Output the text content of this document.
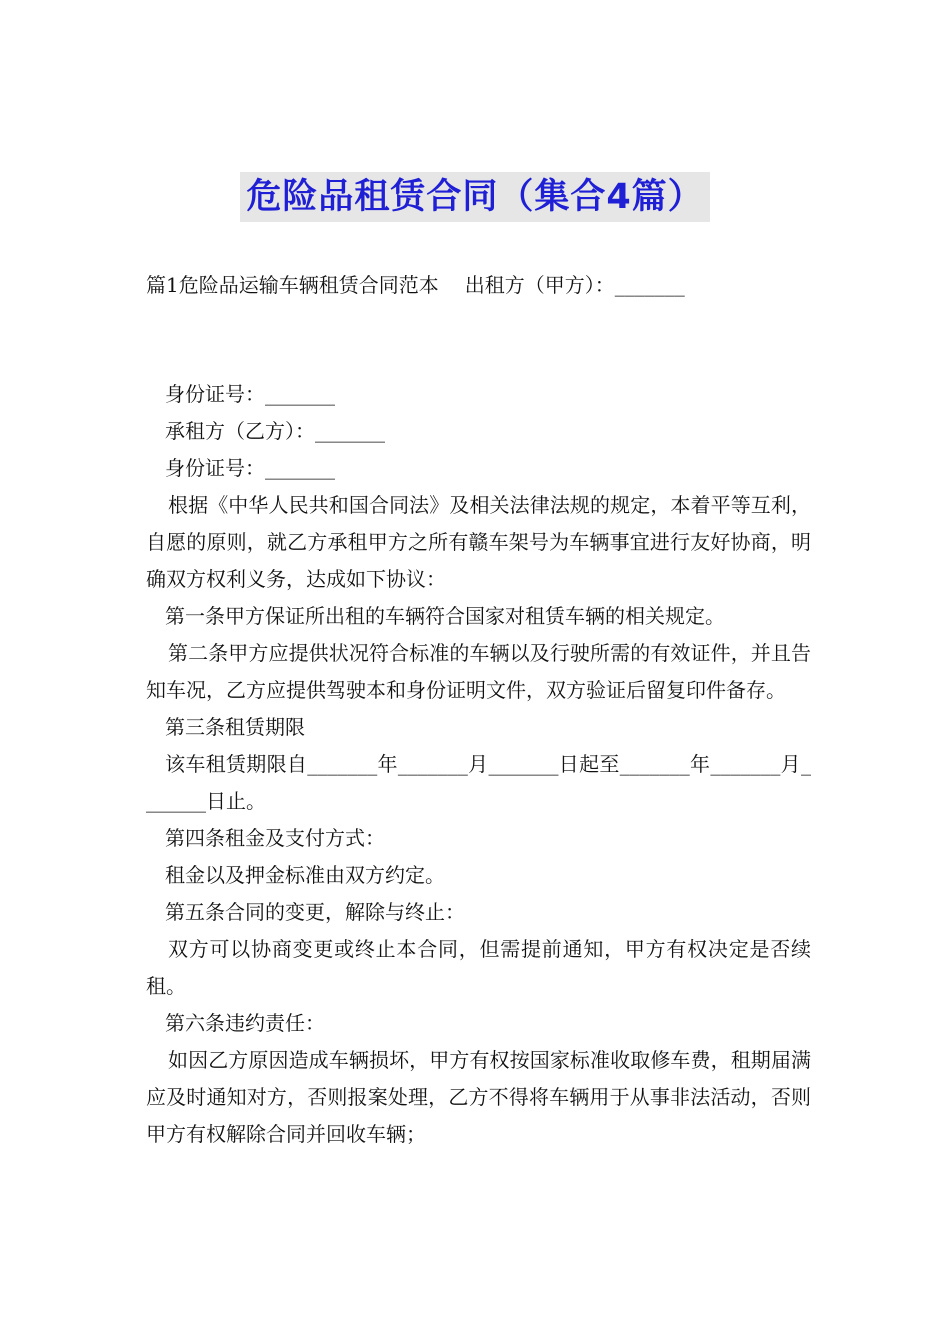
危险品租赁合同（集合4篇）
篇1危险品运输车辆租赁合同范本 出租方（甲方）：_______

身份证号：_______

承租方（乙方）：_______

身份证号：_______

根据《中华人民共和国合同法》及相关法律法规的规定，本着平等互利，自愿的原则，就乙方承租甲方之所有赣车架号为车辆事宜进行友好协商，明确双方权利义务，达成如下协议：

第一条甲方保证所出租的车辆符合国家对租赁车辆的相关规定。

第二条甲方应提供状况符合标准的车辆以及行驶所需的有效证件，并且告知车况，乙方应提供驾驶本和身份证明文件，双方验证后留复印件备存。

第三条租赁期限

该车租赁期限自_______年_______月_______日起至_______年_______月_______日止。

第四条租金及支付方式：

租金以及押金标准由双方约定。

第五条合同的变更，解除与终止：

双方可以协商变更或终止本合同，但需提前通知，甲方有权决定是否续租。

第六条违约责任：

如因乙方原因造成车辆损坏，甲方有权按国家标准收取修车费，租期届满应及时通知对方，否则报案处理，乙方不得将车辆用于从事非法活动，否则甲方有权解除合同并回收车辆；
